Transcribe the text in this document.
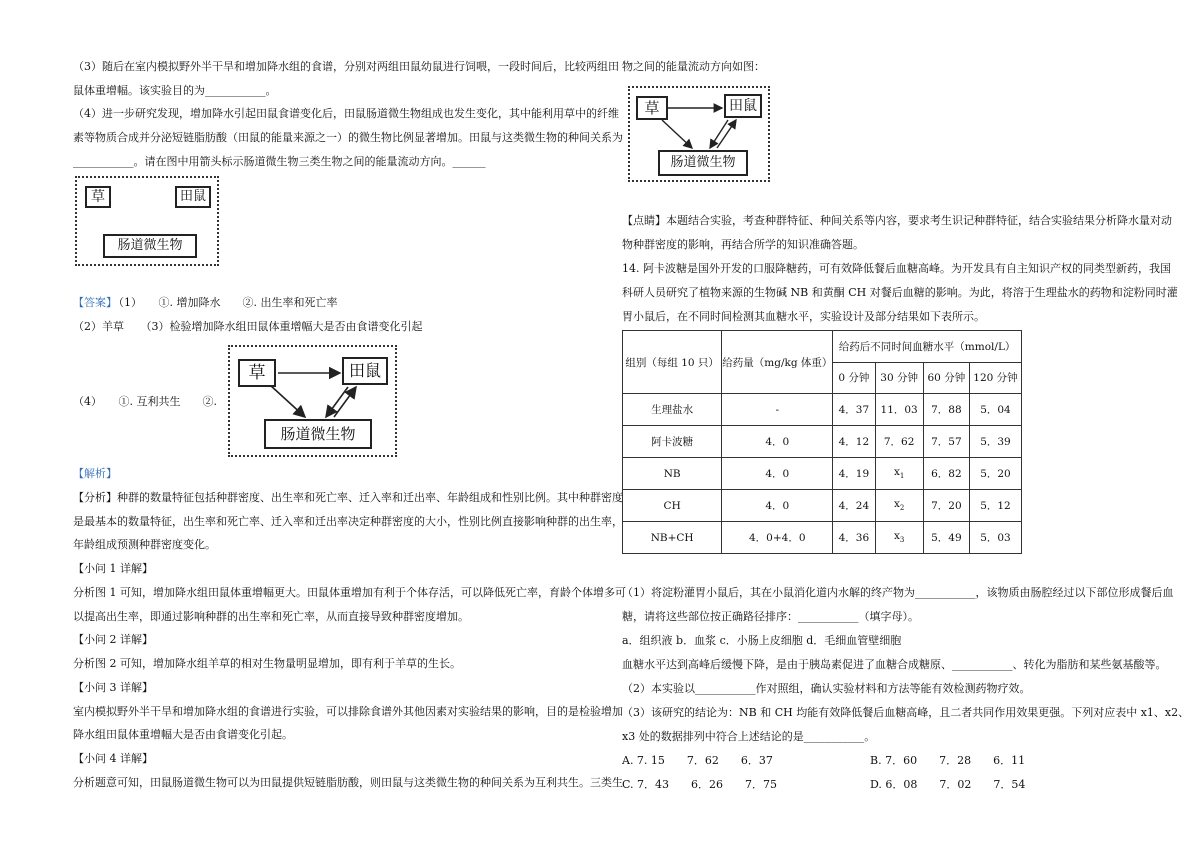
（3）随后在室内模拟野外半干旱和增加降水组的食谱，分别对两组田鼠幼鼠进行饲喂，一段时间后，比较两组田
鼠体重增幅。该实验目的为___________。
（4）进一步研究发现，增加降水引起田鼠食谱变化后，田鼠肠道微生物组成也发生变化，其中能利用草中的纤维
素等物质合成并分泌短链脂肪酸（田鼠的能量来源之一）的微生物比例显著增加。田鼠与这类微生物的种间关系为
___________。请在图中用箭头标示肠道微生物三类生物之间的能量流动方向。______
草	田鼠
肠道微生物
【答案】
（1）　　①. 增加降水　　②. 出生率和死亡率
（2）羊草　　（3）检验增加降水组田鼠体重增幅大是否由食谱变化引起
（4）　　①. 互利共生　　②.
草	田鼠
肠道微生物
【解析】
【分析】种群的数量特征包括种群密度、出生率和死亡率、迁入率和迁出率、年龄组成和性别比例。其中种群密度
是最基本的数量特征，出生率和死亡率、迁入率和迁出率决定种群密度的大小，性别比例直接影响种群的出生率，
年龄组成预测种群密度变化。
【小问 1 详解】
分析图 1 可知，增加降水组田鼠体重增幅更大。田鼠体重增加有利于个体存活，可以降低死亡率，育龄个体增多可
以提高出生率，即通过影响种群的出生率和死亡率，从而直接导致种群密度增加。
【小问 2 详解】
分析图 2 可知，增加降水组羊草的相对生物量明显增加，即有利于羊草的生长。
【小问 3 详解】
室内模拟野外半干旱和增加降水组的食谱进行实验，可以排除食谱外其他因素对实验结果的影响，目的是检验增加
降水组田鼠体重增幅大是否由食谱变化引起。
【小问 4 详解】
分析题意可知，田鼠肠道微生物可以为田鼠提供短链脂肪酸，则田鼠与这类微生物的种间关系为互利共生。三类生
物之间的能量流动方向如图：
草	田鼠
肠道微生物
【点睛】本题结合实验，考查种群特征、种间关系等内容，要求考生识记种群特征，结合实验结果分析降水量对动
物种群密度的影响，再结合所学的知识准确答题。
14. 阿卡波糖是国外开发的口服降糖药，可有效降低餐后血糖高峰。为开发具有自主知识产权的同类型新药，我国
科研人员研究了植物来源的生物碱 NB 和黄酮 CH 对餐后血糖的影响。为此，将溶于生理盐水的药物和淀粉同时灌
胃小鼠后，在不同时间检测其血糖水平，实验设计及部分结果如下表所示。
组别（每组 10 只）	给药量（mg/kg 体重）	给药后不同时间血糖水平（mmol/L）			
		0 分钟	30 分钟	60 分钟	120 分钟
生理盐水	-	4．37	11．03	7．88	5．04
阿卡波糖	4．0	4．12	7．62	7．57	5．39
NB	4．0	4．19	$x_1$	6．82	5．20
CH	4．0	4．24	$x_2$	7．20	5．12
NB+CH	4．0+4．0	4．36	$x_3$	5．49	5．03
（1）将淀粉灌胃小鼠后，其在小鼠消化道内水解的终产物为___________，该物质由肠腔经过以下部位形成餐后血
糖，请将这些部位按正确路径排序：___________（填字母）。
a．组织液 b．血浆 c．小肠上皮细胞 d．毛细血管壁细胞
血糖水平达到高峰后缓慢下降，是由于胰岛素促进了血糖合成糖原、___________、转化为脂肪和某些氨基酸等。
（2）本实验以___________作对照组，确认实验材料和方法等能有效检测药物疗效。
（3）该研究的结论为：NB 和 CH 均能有效降低餐后血糖高峰，且二者共同作用效果更强。下列对应表中 x1、x2、
x3 处的数据排列中符合上述结论的是___________。
A. 7. 15　　7．62　　6．37	B. 7．60　　7．28　　6．11
C. 7．43　　6．26　　7．75	D. 6．08　　7．02　　7．54
